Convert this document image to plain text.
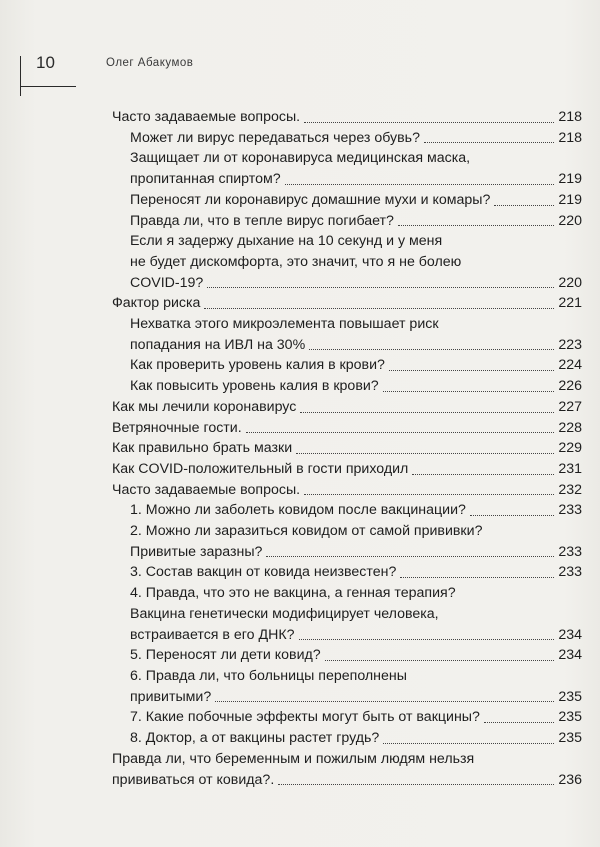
10	Олег Абакумов
Часто задаваемые вопросы.	218
Может ли вирус передаваться через обувь?	218
Защищает ли от коронавируса медицинская маска,
пропитанная спиртом?	219
Переносят ли коронавирус домашние мухи и комары?	219
Правда ли, что в тепле вирус погибает?	220
Если я задержу дыхание на 10 секунд и у меня
не будет дискомфорта, это значит, что я не болею
COVID-19?	220
Фактор риска	221
Нехватка этого микроэлемента повышает риск
попадания на ИВЛ на 30%	223
Как проверить уровень калия в крови?	224
Как повысить уровень калия в крови?	226
Как мы лечили коронавирус	227
Ветряночные гости.	228
Как правильно брать мазки	229
Как COVID-положительный в гости приходил	231
Часто задаваемые вопросы.	232
1. Можно ли заболеть ковидом после вакцинации?	233
2. Можно ли заразиться ковидом от самой прививки?
Привитые заразны?	233
3. Состав вакцин от ковида неизвестен?	233
4. Правда, что это не вакцина, а генная терапия?
Вакцина генетически модифицирует человека,
встраивается в его ДНК?	234
5. Переносят ли дети ковид?	234
6. Правда ли, что больницы переполнены
привитыми?	235
7. Какие побочные эффекты могут быть от вакцины?	235
8. Доктор, а от вакцины растет грудь?	235
Правда ли, что беременным и пожилым людям нельзя
прививаться от ковида?.	236
